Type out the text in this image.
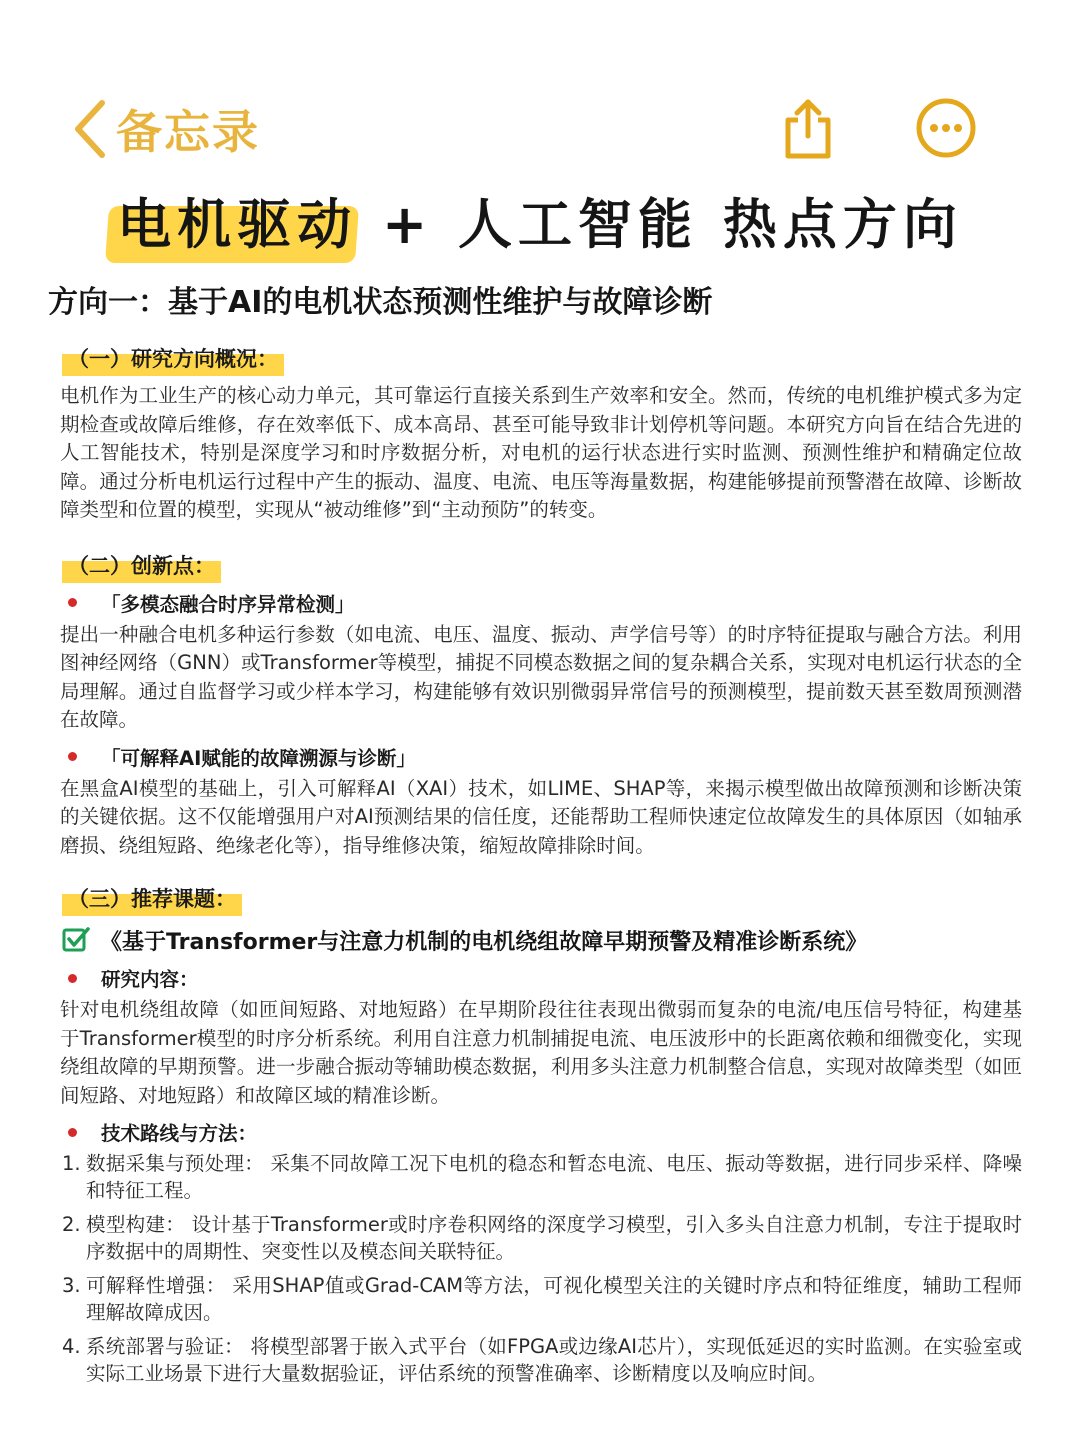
备忘录
电机驱动 + 人工智能 热点方向
方向一：基于AI的电机状态预测性维护与故障诊断
（一）研究方向概况：

电机作为工业生产的核心动力单元，其可靠运行直接关系到生产效率和安全。然而，传统的电机维护模式多为定期检查或故障后维修，存在效率低下、成本高昂、甚至可能导致非计划停机等问题。本研究方向旨在结合先进的人工智能技术，特别是深度学习和时序数据分析，对电机的运行状态进行实时监测、预测性维护和精确定位故障。通过分析电机运行过程中产生的振动、温度、电流、电压等海量数据，构建能够提前预警潜在故障、诊断故障类型和位置的模型，实现从“被动维修”到“主动预防”的转变。

（二）创新点：
「多模态融合时序异常检测」

提出一种融合电机多种运行参数（如电流、电压、温度、振动、声学信号等）的时序特征提取与融合方法。利用图神经网络（GNN）或Transformer等模型，捕捉不同模态数据之间的复杂耦合关系，实现对电机运行状态的全局理解。通过自监督学习或少样本学习，构建能够有效识别微弱异常信号的预测模型，提前数天甚至数周预测潜在故障。

「可解释AI赋能的故障溯源与诊断」

在黑盒AI模型的基础上，引入可解释AI（XAI）技术，如LIME、SHAP等，来揭示模型做出故障预测和诊断决策的关键依据。这不仅能增强用户对AI预测结果的信任度，还能帮助工程师快速定位故障发生的具体原因（如轴承磨损、绕组短路、绝缘老化等），指导维修决策，缩短故障排除时间。

（三）推荐课题：
《基于Transformer与注意力机制的电机绕组故障早期预警及精准诊断系统》
研究内容：

针对电机绕组故障（如匝间短路、对地短路）在早期阶段往往表现出微弱而复杂的电流/电压信号特征，构建基于Transformer模型的时序分析系统。利用自注意力机制捕捉电流、电压波形中的长距离依赖和细微变化，实现绕组故障的早期预警。进一步融合振动等辅助模态数据，利用多头注意力机制整合信息，实现对故障类型（如匝间短路、对地短路）和故障区域的精准诊断。

技术路线与方法：
1. 数据采集与预处理： 采集不同故障工况下电机的稳态和暂态电流、电压、振动等数据，进行同步采样、降噪和特征工程。
2. 模型构建： 设计基于Transformer或时序卷积网络的深度学习模型，引入多头自注意力机制，专注于提取时序数据中的周期性、突变性以及模态间关联特征。
3. 可解释性增强： 采用SHAP值或Grad-CAM等方法，可视化模型关注的关键时序点和特征维度，辅助工程师理解故障成因。
4. 系统部署与验证： 将模型部署于嵌入式平台（如FPGA或边缘AI芯片），实现低延迟的实时监测。在实验室或实际工业场景下进行大量数据验证，评估系统的预警准确率、诊断精度以及响应时间。
